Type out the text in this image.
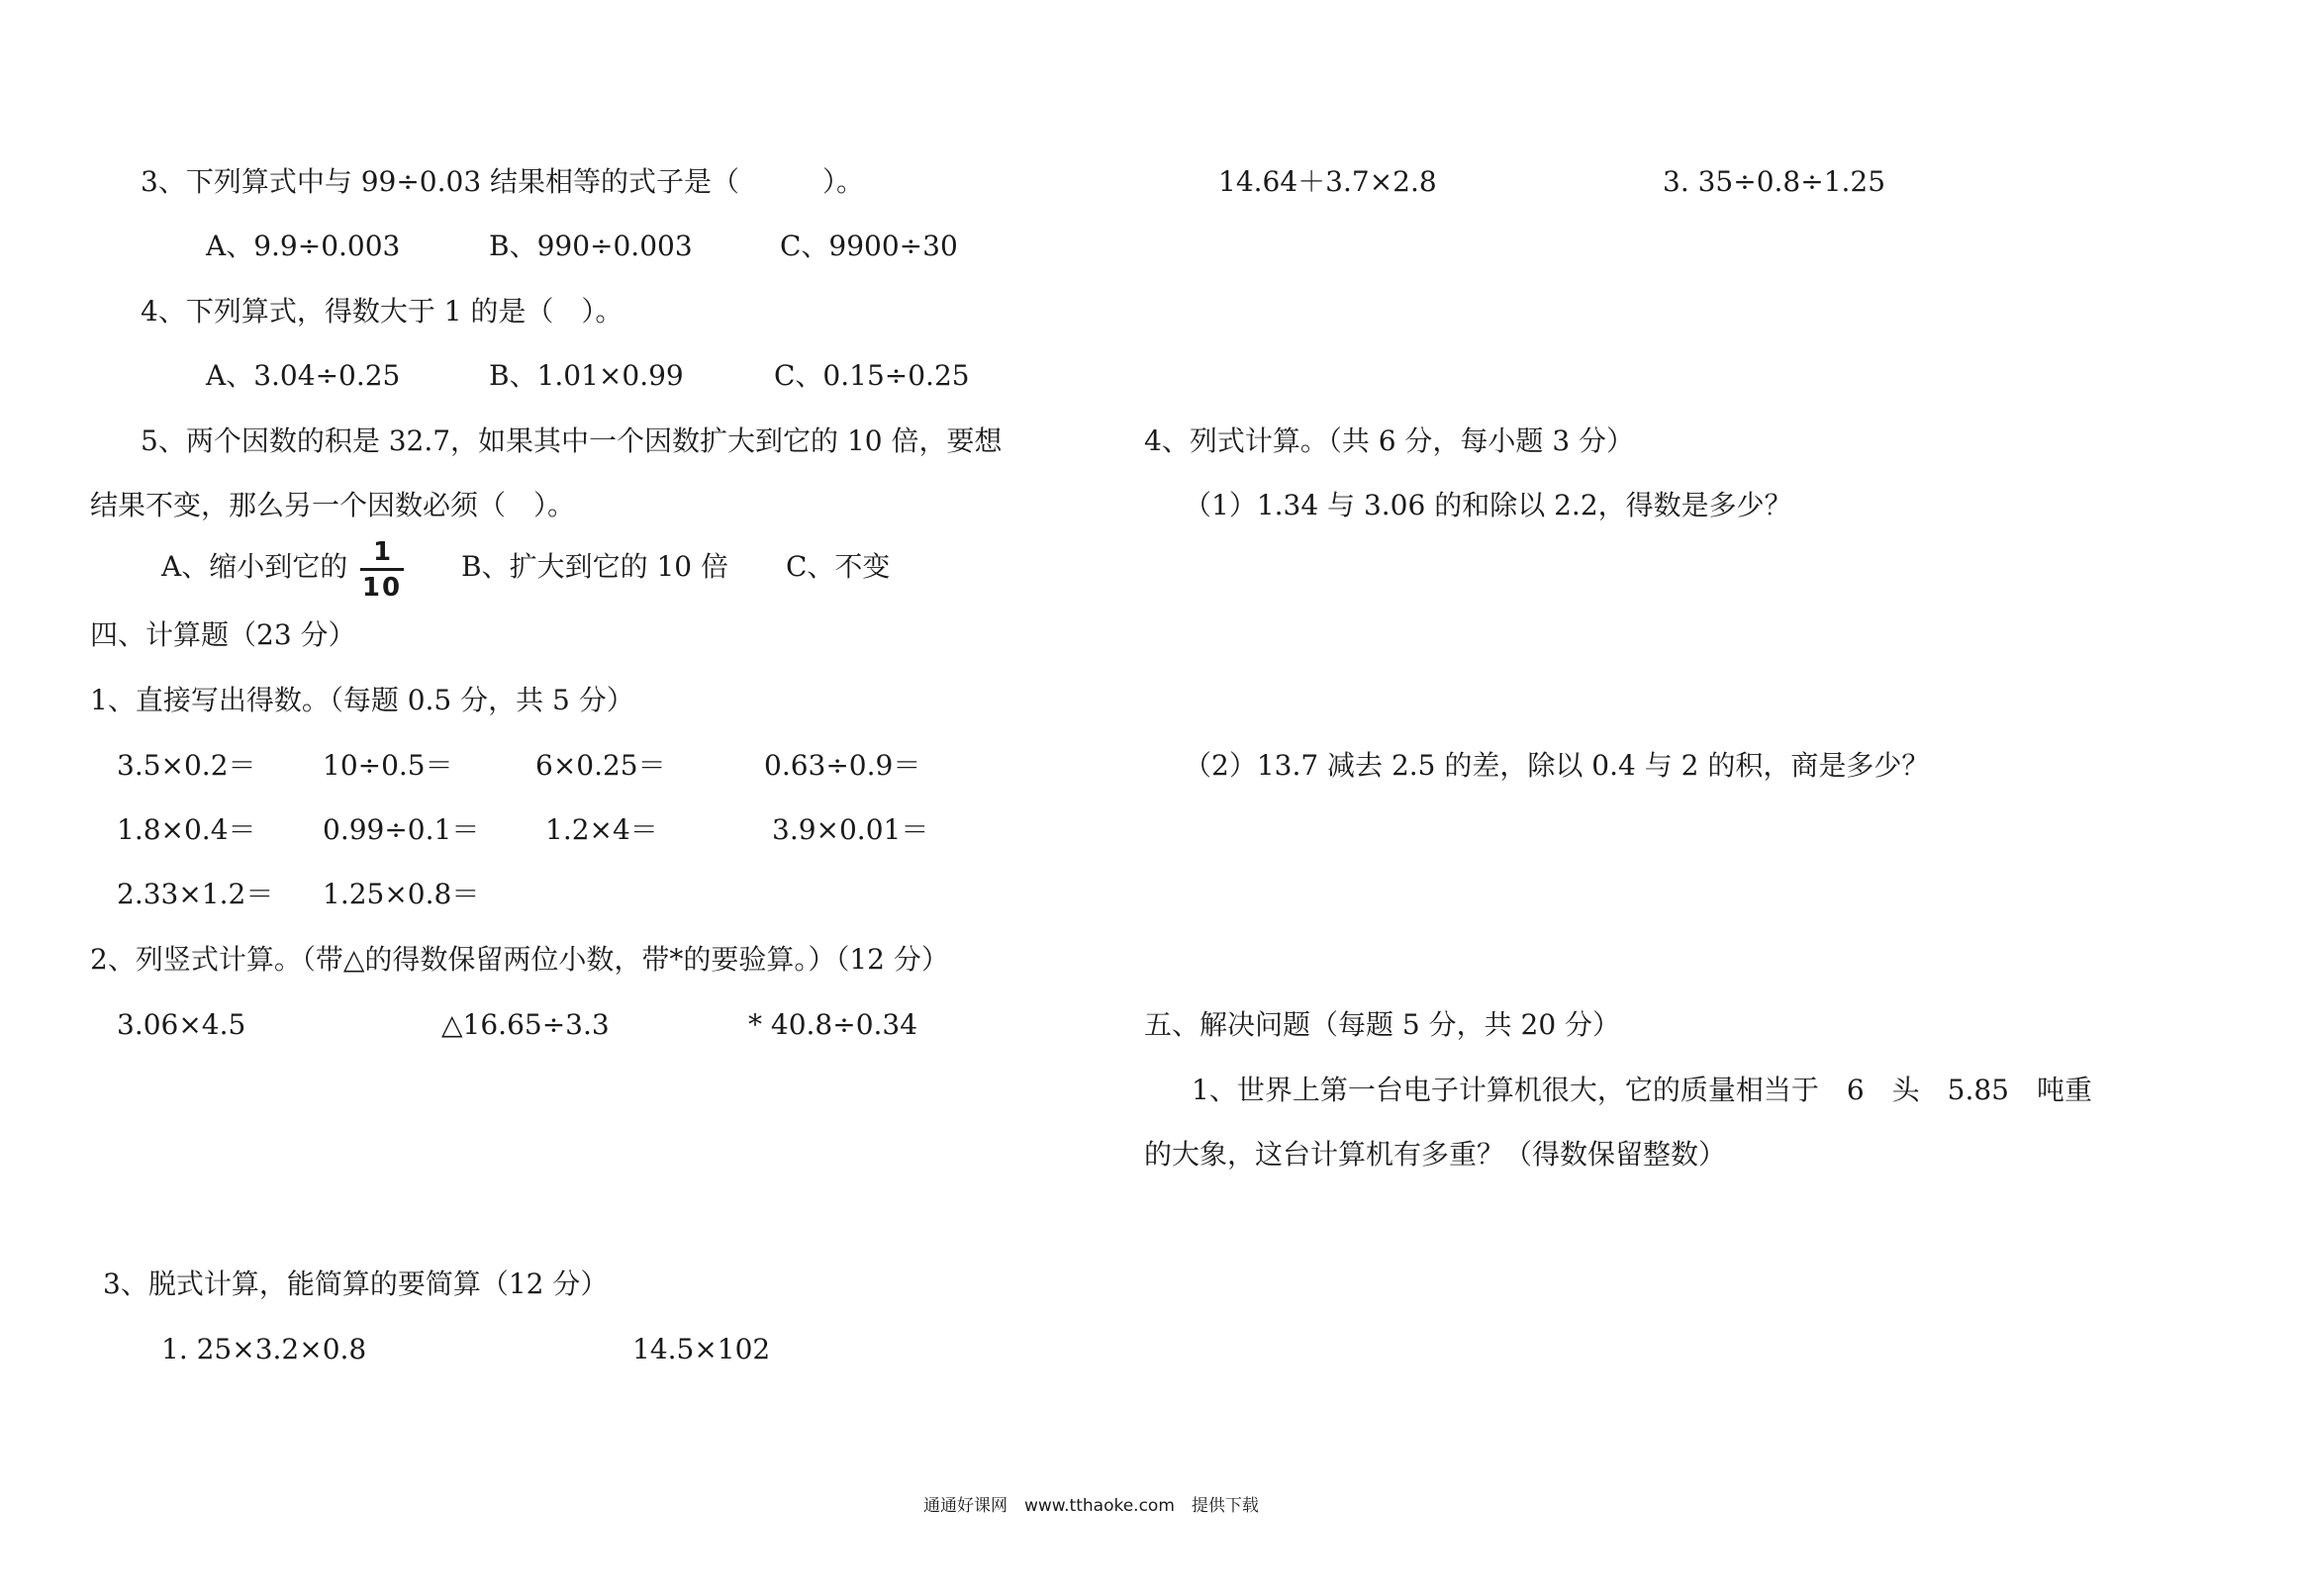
3、下列算式中与 99÷0.03 结果相等的式子是（　　　）。
A、9.9÷0.003	B、990÷0.003	C、9900÷30
4、下列算式，得数大于 1 的是（　）。
A、3.04÷0.25	B、1.01×0.99	C、0.15÷0.25
5、两个因数的积是 32.7，如果其中一个因数扩大到它的 10 倍，要想
结果不变，那么另一个因数必须（　）。
A、缩小到它的 1
10
B、扩大到它的 10 倍 C、不变
四、计算题（23 分）
1、直接写出得数。（每题 0.5 分，共 5 分）
3.5×0.2＝ 10÷0.5＝	6×0.25＝	0.63÷0.9＝
1.8×0.4＝ 0.99÷0.1＝ 1.2×4＝	3.9×0.01＝
2.33×1.2＝ 1.25×0.8＝
2、列竖式计算。（带△的得数保留两位小数，带*的要验算。）（12 分）
3.06×4.5	△16.65÷3.3	* 40.8÷0.34
3、脱式计算，能简算的要简算（12 分）
1. 25×3.2×0.8	14.5×102
14.64＋3.7×2.8	3. 35÷0.8÷1.25
4、列式计算。（共 6 分，每小题 3 分）
（1）1.34 与 3.06 的和除以 2.2，得数是多少？
（2）13.7 减去 2.5 的差，除以 0.4 与 2 的积，商是多少？
五、解决问题（每题 5 分，共 20 分）
1、世界上第一台电子计算机很大，它的质量相当于　6　头　5.85　吨重
的大象，这台计算机有多重？（得数保留整数）
通通好课网　www.tthaoke.com　提供下载
